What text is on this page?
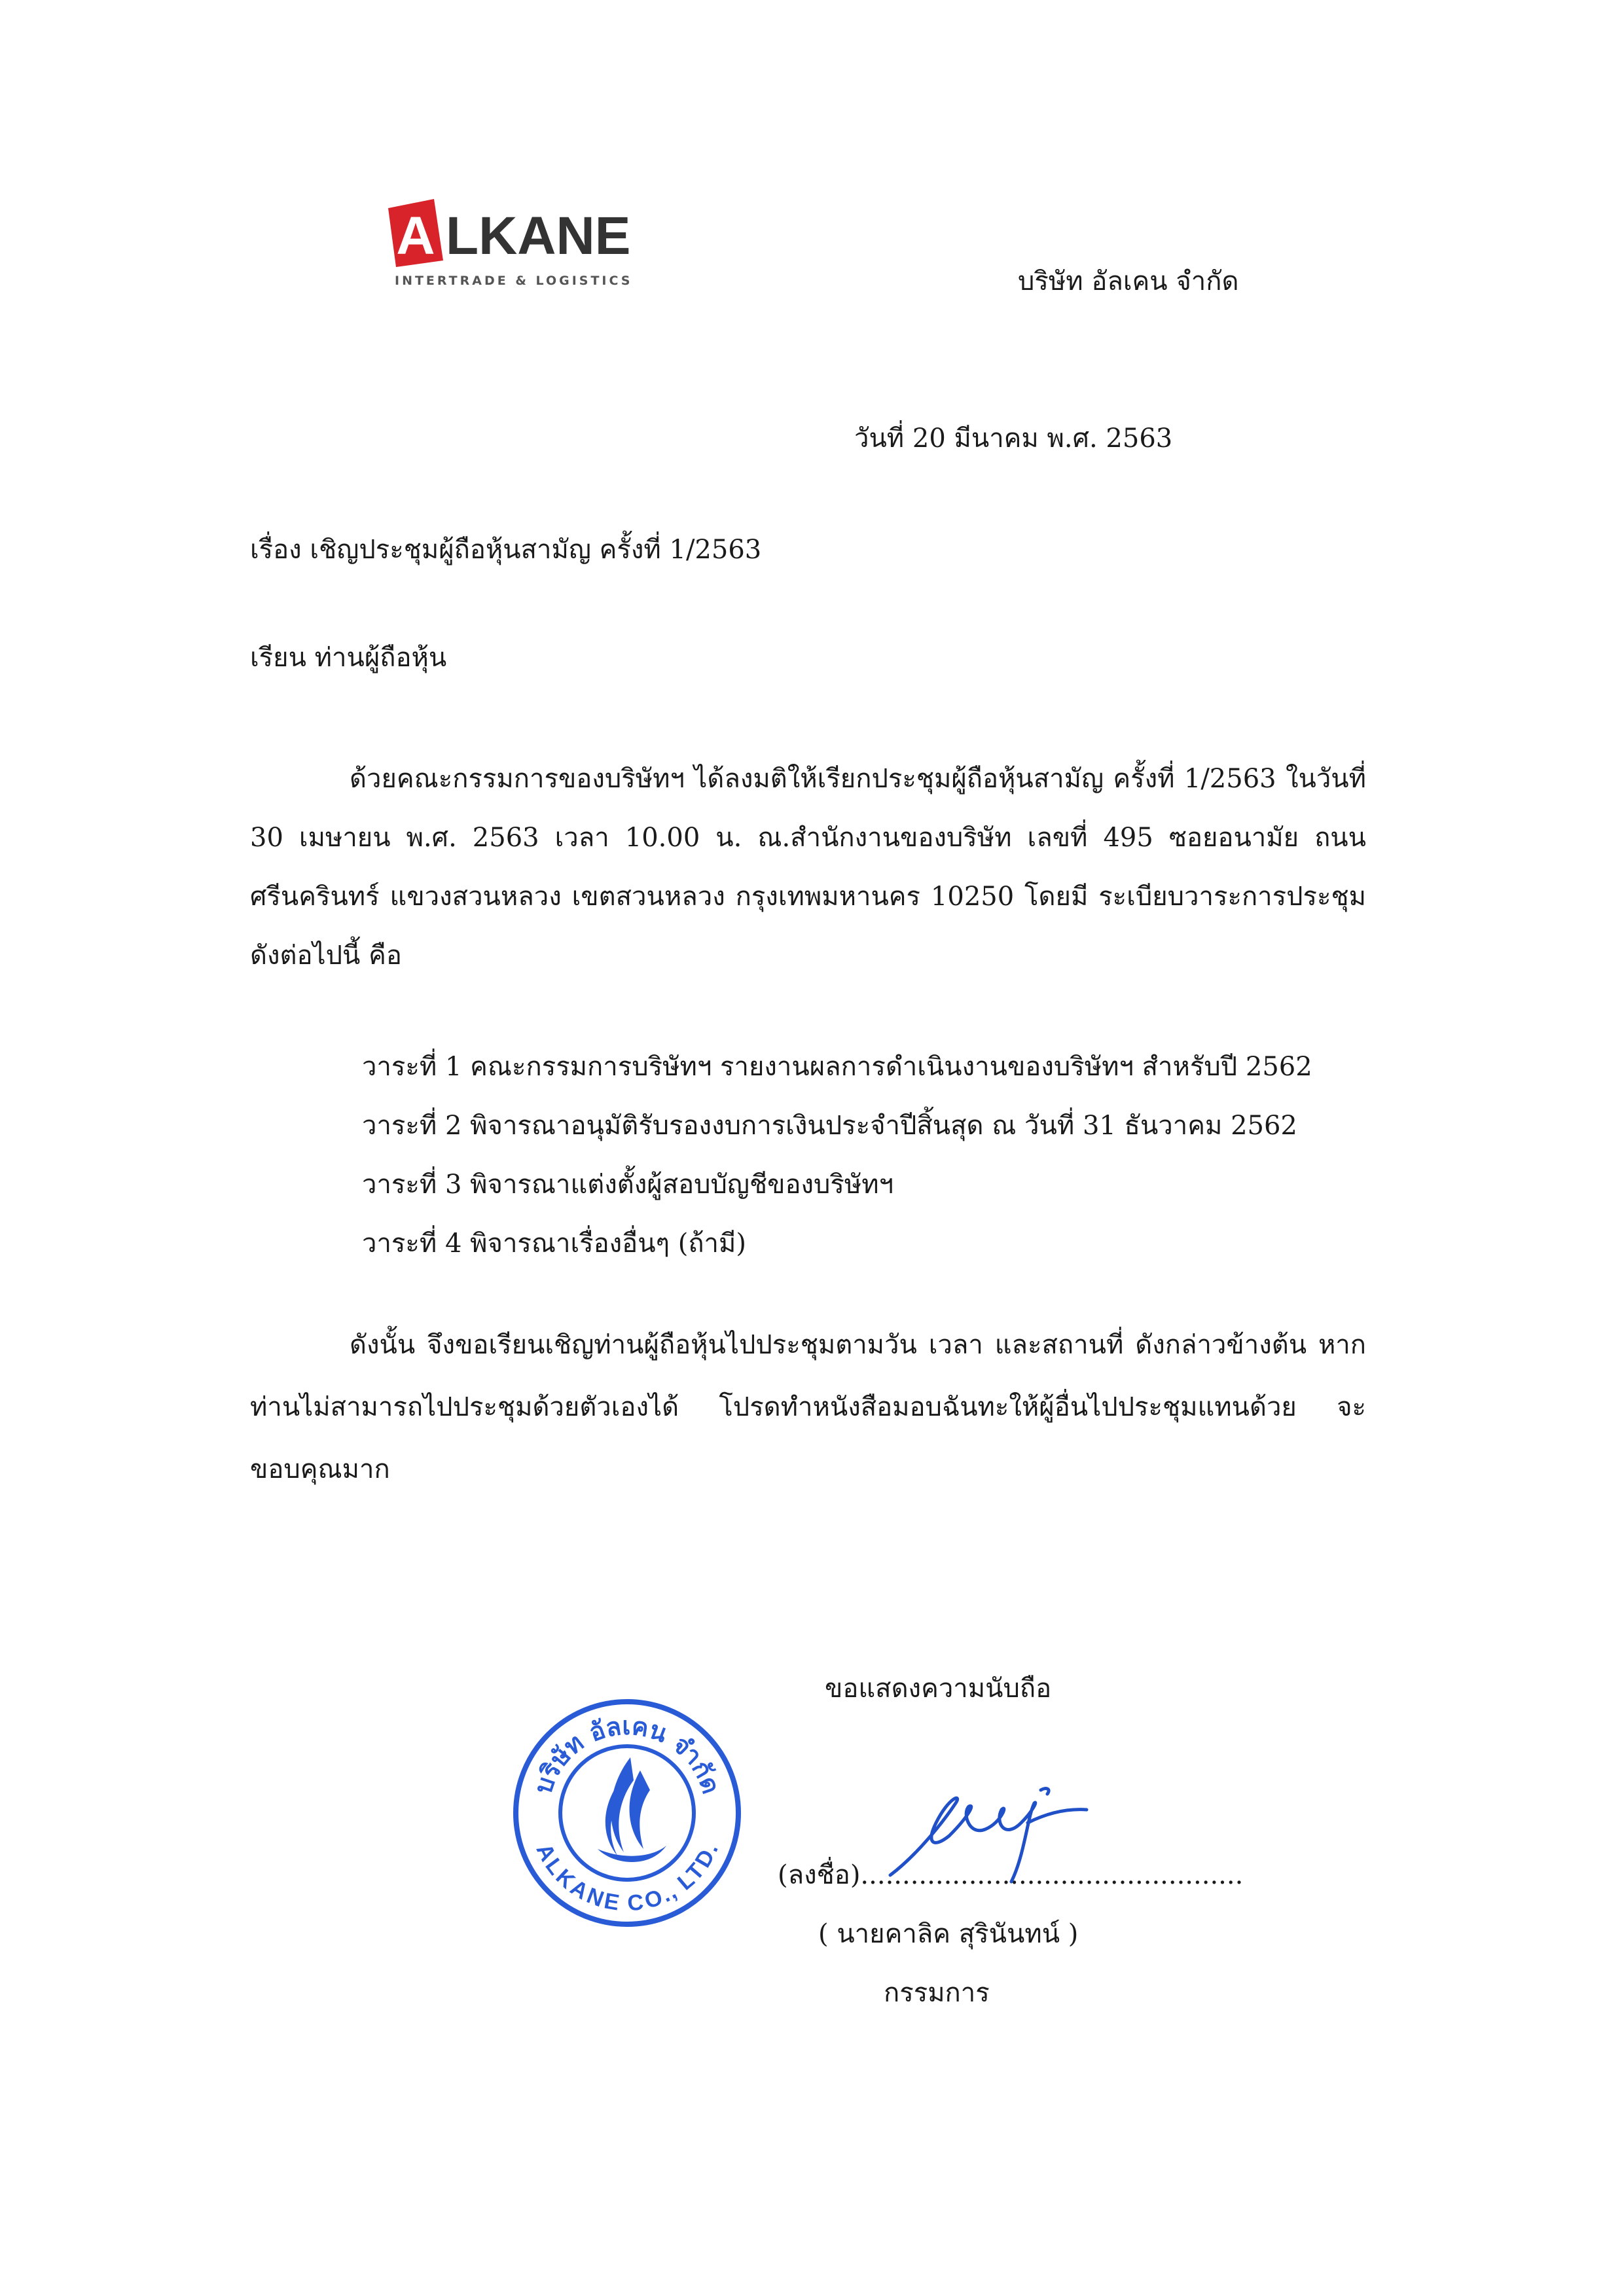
A LKANE
INTERTRADE & LOGISTICS	บริษัท อัลเคน จำกัด
วันที่ 20 มีนาคม พ.ศ. 2563
เรื่อง เชิญประชุมผู้ถือหุ้นสามัญ ครั้งที่ 1/2563
เรียน ท่านผู้ถือหุ้น
ด้วยคณะกรรมการของบริษัทฯ ได้ลงมติให้เรียกประชุมผู้ถือหุ้นสามัญ ครั้งที่ 1/2563 ในวันที่ 30 เมษายน พ.ศ. 2563 เวลา 10.00 น. ณ.สำนักงานของบริษัท เลขที่ 495 ซอยอนามัย ถนนศรีนครินทร์ แขวงสวนหลวง เขตสวนหลวง กรุงเทพมหานคร 10250 โดยมี ระเบียบวาระการประชุมดังต่อไปนี้ คือ
วาระที่ 1 คณะกรรมการบริษัทฯ รายงานผลการดำเนินงานของบริษัทฯ สำหรับปี 2562
วาระที่ 2 พิจารณาอนุมัติรับรองงบการเงินประจำปีสิ้นสุด ณ วันที่ 31 ธันวาคม 2562
วาระที่ 3 พิจารณาแต่งตั้งผู้สอบบัญชีของบริษัทฯ
วาระที่ 4 พิจารณาเรื่องอื่นๆ (ถ้ามี)
ดังนั้น จึงขอเรียนเชิญท่านผู้ถือหุ้นไปประชุมตามวัน เวลา และสถานที่ ดังกล่าวข้างต้น หากท่านไม่สามารถไปประชุมด้วยตัวเองได้ โปรดทำหนังสือมอบฉันทะให้ผู้อื่นไปประชุมแทนด้วย จะขอบคุณมาก
ขอแสดงความนับถือ
(ลงชื่อ)..............................................
( นายคาลิค สุรินันทน์ )
กรรมการ
บริษัท อัลเคน จำกัด
ALKANE CO., LTD.
